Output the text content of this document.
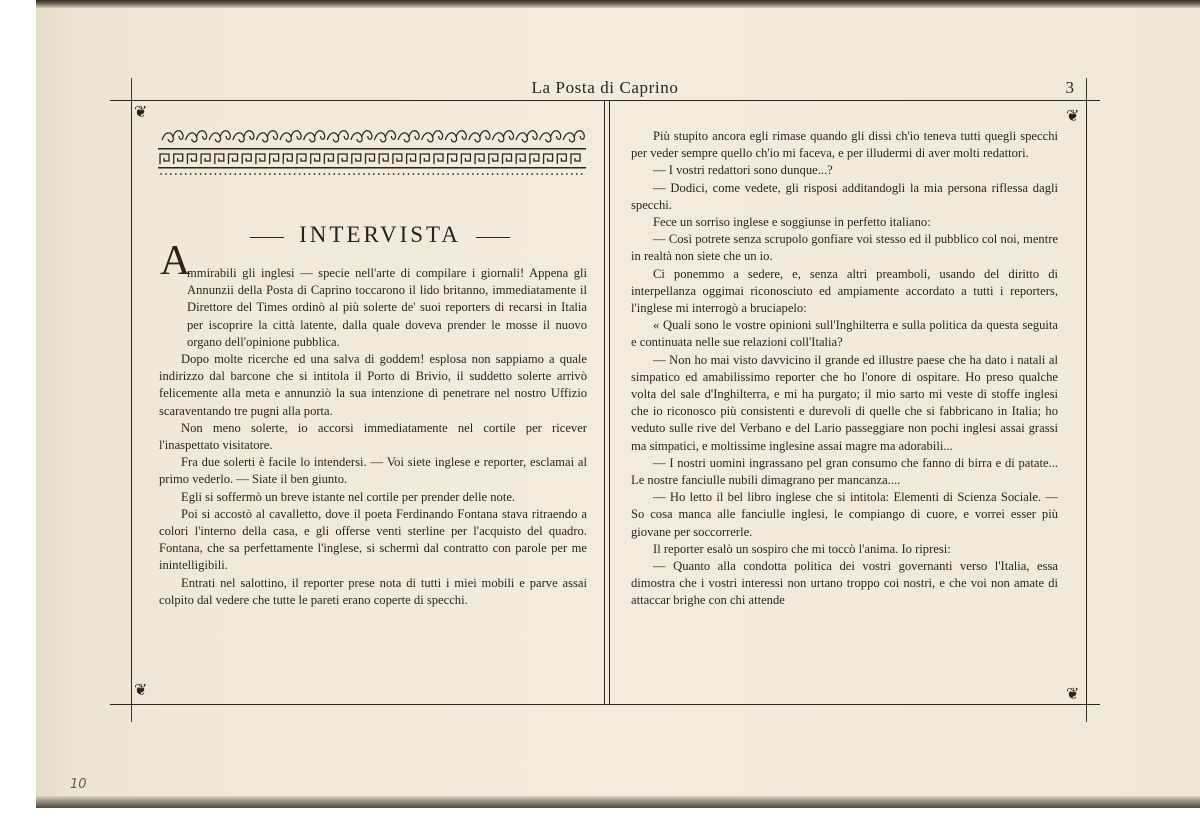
La Posta di Caprino	3
❦	❦
❦	❦
INTERVISTA
A

mmirabili gli inglesi — specie nell'arte di compilare i giornali! Appena gli Annunzii della Posta di Caprino toccarono il lido britanno, immediatamente il Direttore del Times ordinò al più solerte de' suoi reporters di recarsi in Italia per iscoprire la città latente, dalla quale doveva prender le mosse il nuovo organo dell'opinione pubblica.

Dopo molte ricerche ed una salva di goddem! esplosa non sappiamo a quale indirizzo dal barcone che si intitola il Porto di Brivio, il suddetto solerte arrivò felicemente alla meta e annunziò la sua intenzione di penetrare nel nostro Uffizio scaraventando tre pugni alla porta.

Non meno solerte, io accorsi immediatamente nel cortile per ricever l'inaspettato visitatore.

Fra due solerti è facile lo intendersi. — Voi siete inglese e reporter, esclamai al primo vederlo. — Siate il ben giunto.

Egli si soffermò un breve istante nel cortile per prender delle note.

Poi si accostò al cavalletto, dove il poeta Ferdinando Fontana stava ritraendo a colori l'interno della casa, e gli offerse venti sterline per l'acquisto del quadro. Fontana, che sa perfettamente l'inglese, si schermì dal contratto con parole per me inintelligibili.

Entrati nel salottino, il reporter prese nota di tutti i miei mobili e parve assai colpito dal vedere che tutte le pareti erano coperte di specchi.

Più stupito ancora egli rimase quando gli dissi ch'io teneva tutti quegli specchi per veder sempre quello ch'io mi faceva, e per illudermi di aver molti redattori.

— I vostri redattori sono dunque...?

— Dodici, come vedete, gli risposi additandogli la mia persona riflessa dagli specchi.

Fece un sorriso inglese e soggiunse in perfetto italiano:

— Così potrete senza scrupolo gonfiare voi stesso ed il pubblico col noi, mentre in realtà non siete che un io.

Ci ponemmo a sedere, e, senza altri preamboli, usando del diritto di interpellanza oggimai riconosciuto ed ampiamente accordato a tutti i reporters, l'inglese mi interrogò a bruciapelo:

« Quali sono le vostre opinioni sull'Inghilterra e sulla politica da questa seguita e continuata nelle sue relazioni coll'Italia?

— Non ho mai visto davvicino il grande ed illustre paese che ha dato i natali al simpatico ed amabilissimo reporter che ho l'onore di ospitare. Ho preso qualche volta del sale d'Inghilterra, e mi ha purgato; il mio sarto mi veste di stoffe inglesi che io riconosco più consistenti e durevoli di quelle che si fabbricano in Italia; ho veduto sulle rive del Verbano e del Lario passeggiare non pochi inglesi assai grassi ma simpatici, e moltissime inglesine assai magre ma adorabili...

— I nostri uomini ingrassano pel gran consumo che fanno di birra e di patate... Le nostre fanciulle nubili dimagrano per mancanza....

— Ho letto il bel libro inglese che si intitola: Elementi di Scienza Sociale. — So cosa manca alle fanciulle inglesi, le compiango di cuore, e vorrei esser più giovane per soccorrerle.

Il reporter esalò un sospiro che mi toccò l'anima. Io ripresi:

— Quanto alla condotta politica dei vostri governanti verso l'Italia, essa dimostra che i vostri interessi non urtano troppo coi nostri, e che voi non amate di attaccar brighe con chi attende

10
